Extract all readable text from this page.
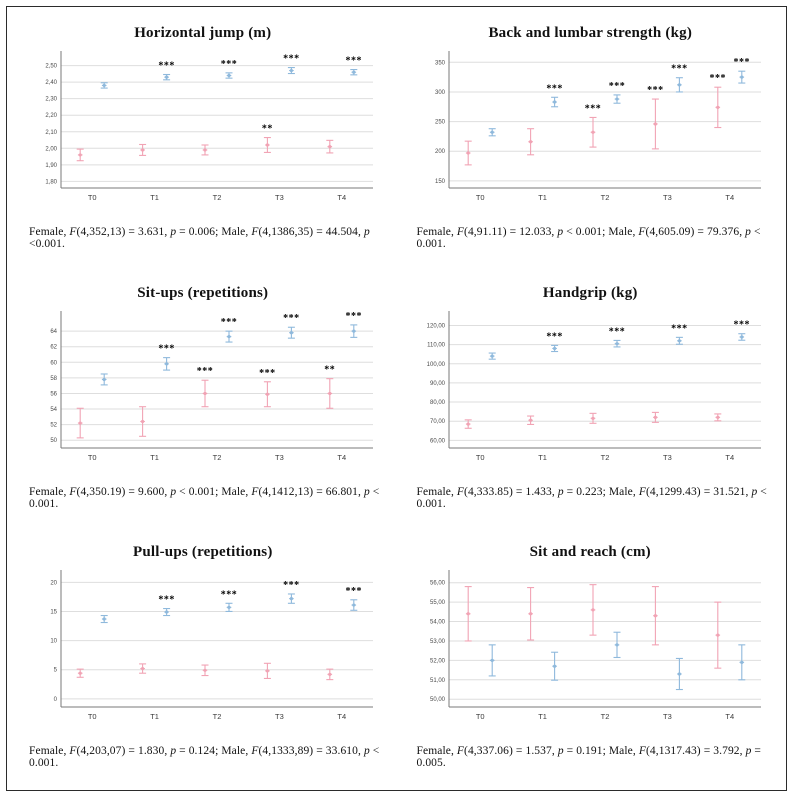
Horizontal jump (m)
1,80
1,90
2,00
2,10
2,20
2,30
2,40
2,50
T0	T1	T2	T3	T4
**
***	***	***	***

Female, F(4,352,13) = 3.631, p = 0.006; Male, F(4,1386,35) = 44.504, p <0.001.

Back and lumbar strength (kg)
150
200
250
300
350
T0	T1	T2	T3	T4
***
***
***
***	***
***
***

Female, F(4,91.11) = 12.033, p < 0.001; Male, F(4,605.09) = 79.376, p < 0.001.

Sit-ups (repetitions)
50
52
54
56
58
60
62
64
T0	T1	T2	T3	T4
***	***	**
***
***	***	***

Female, F(4,350.19) = 9.600, p < 0.001; Male, F(4,1412,13) = 66.801, p < 0.001.

Handgrip (kg)
60,00
70,00
80,00
90,00
100,00
110,00
120,00
T0	T1	T2	T3	T4
***	***	***	***

Female, F(4,333.85) = 1.433, p = 0.223; Male, F(4,1299.43) = 31.521, p < 0.001.

Pull-ups (repetitions)
0
5
10
15
20
T0	T1	T2	T3	T4
***	***
***
***

Female, F(4,203,07) = 1.830, p = 0.124; Male, F(4,1333,89) = 33.610, p < 0.001.

Sit and reach (cm)
50,00
51,00
52,00
53,00
54,00
55,00
56,00
T0	T1	T2	T3	T4

Female, F(4,337.06) = 1.537, p = 0.191; Male, F(4,1317.43) = 3.792, p = 0.005.
